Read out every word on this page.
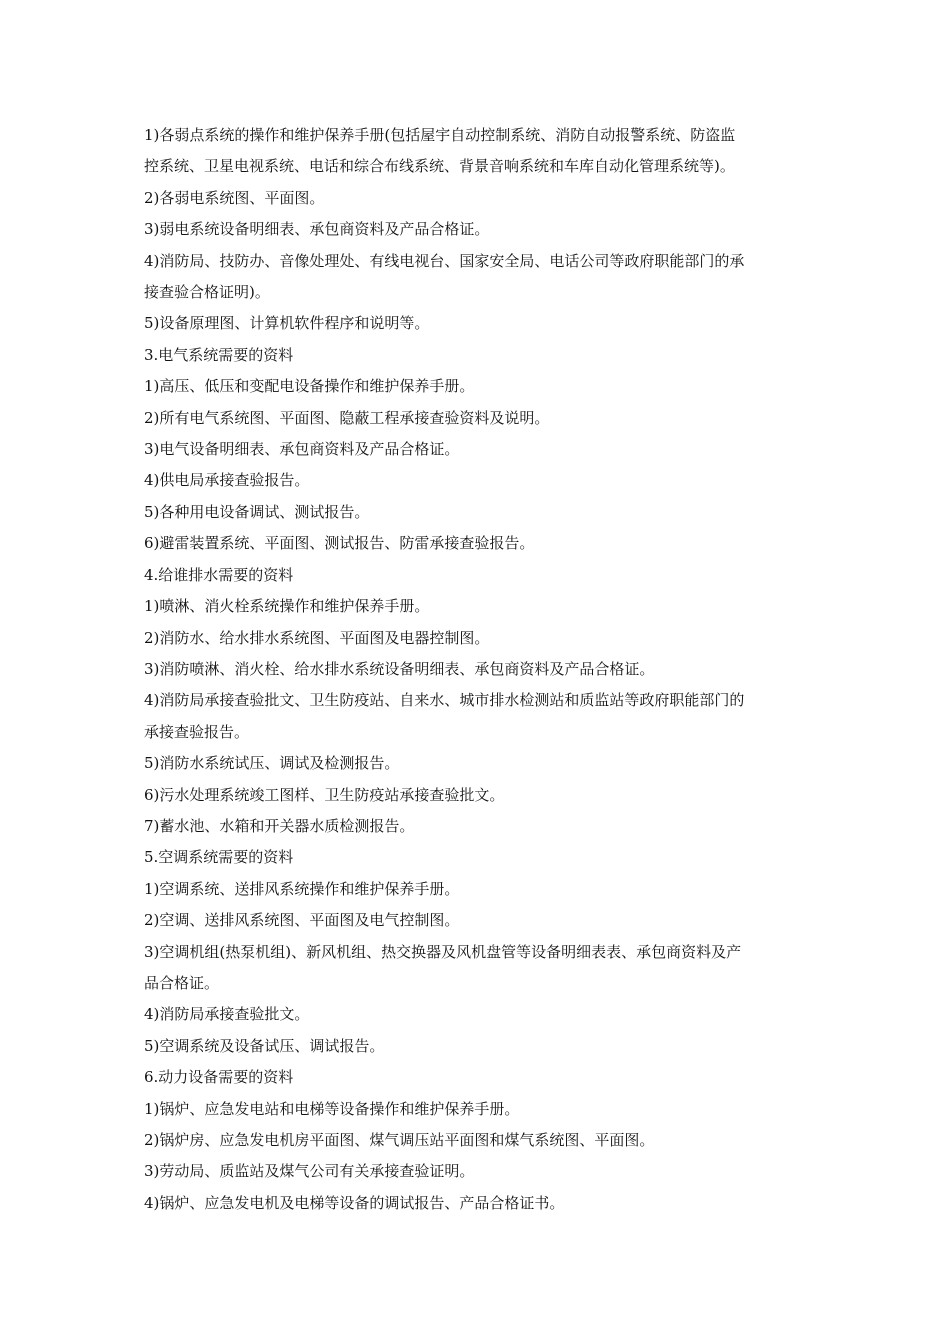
1)各弱点系统的操作和维护保养手册(包括屋宇自动控制系统、消防自动报警系统、防盗监

控系统、卫星电视系统、电话和综合布线系统、背景音响系统和车库自动化管理系统等)。

2)各弱电系统图、平面图。

3)弱电系统设备明细表、承包商资料及产品合格证。

4)消防局、技防办、音像处理处、有线电视台、国家安全局、电话公司等政府职能部门的承

接查验合格证明)。

5)设备原理图、计算机软件程序和说明等。

3.电气系统需要的资料

1)高压、低压和变配电设备操作和维护保养手册。

2)所有电气系统图、平面图、隐蔽工程承接查验资料及说明。

3)电气设备明细表、承包商资料及产品合格证。

4)供电局承接查验报告。

5)各种用电设备调试、测试报告。

6)避雷装置系统、平面图、测试报告、防雷承接查验报告。

4.给谁排水需要的资料

1)喷淋、消火栓系统操作和维护保养手册。

2)消防水、给水排水系统图、平面图及电器控制图。

3)消防喷淋、消火栓、给水排水系统设备明细表、承包商资料及产品合格证。

4)消防局承接查验批文、卫生防疫站、自来水、城市排水检测站和质监站等政府职能部门的

承接查验报告。

5)消防水系统试压、调试及检测报告。

6)污水处理系统竣工图样、卫生防疫站承接查验批文。

7)蓄水池、水箱和开关器水质检测报告。

5.空调系统需要的资料

1)空调系统、送排风系统操作和维护保养手册。

2)空调、送排风系统图、平面图及电气控制图。

3)空调机组(热泵机组)、新风机组、热交换器及风机盘管等设备明细表表、承包商资料及产

品合格证。

4)消防局承接查验批文。

5)空调系统及设备试压、调试报告。

6.动力设备需要的资料

1)锅炉、应急发电站和电梯等设备操作和维护保养手册。

2)锅炉房、应急发电机房平面图、煤气调压站平面图和煤气系统图、平面图。

3)劳动局、质监站及煤气公司有关承接查验证明。

4)锅炉、应急发电机及电梯等设备的调试报告、产品合格证书。
